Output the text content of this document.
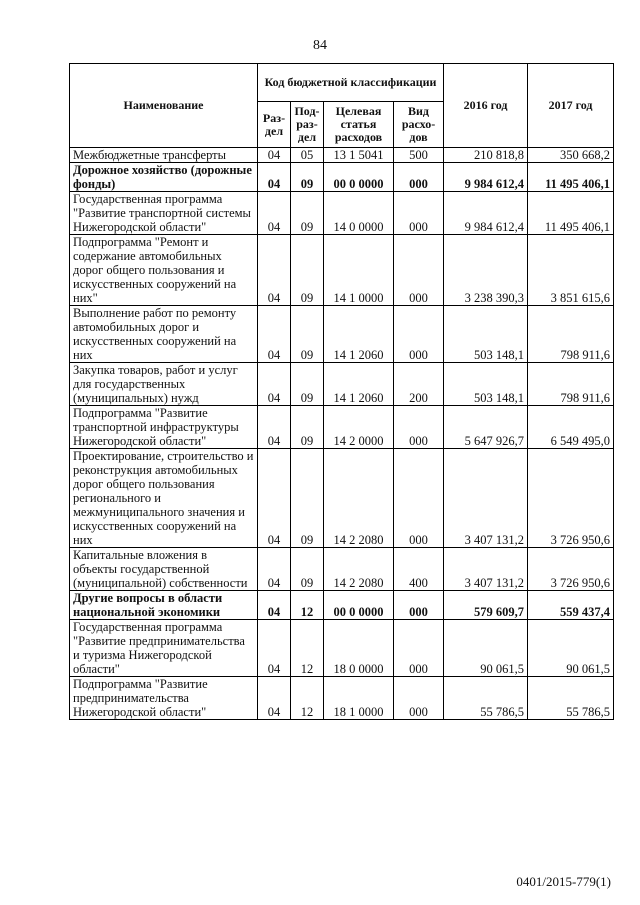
84
Наименование	Код бюджетной классификации				2016 год	2017 год
	Раз-дел	Под-раз-дел	Целевая статья расходов	Вид расхо-дов		
Межбюджетные трансферты	04	05	13 1 5041	500	210 818,8	350 668,2
Дорожное хозяйство (дорожные фонды)	04	09	00 0 0000	000	9 984 612,4	11 495 406,1
Государственная программа "Развитие транспортной системы Нижегородской области"	04	09	14 0 0000	000	9 984 612,4	11 495 406,1
Подпрограмма "Ремонт и содержание автомобильных дорог общего пользования и искусственных сооружений на них"	04	09	14 1 0000	000	3 238 390,3	3 851 615,6
Выполнение работ по ремонту автомобильных дорог и искусственных сооружений на них	04	09	14 1 2060	000	503 148,1	798 911,6
Закупка товаров, работ и услуг для государственных (муниципальных) нужд	04	09	14 1 2060	200	503 148,1	798 911,6
Подпрограмма "Развитие транспортной инфраструктуры Нижегородской области"	04	09	14 2 0000	000	5 647 926,7	6 549 495,0
Проектирование, строительство и реконструкция автомобильных дорог общего пользования регионального и межмуниципального значения и искусственных сооружений на них	04	09	14 2 2080	000	3 407 131,2	3 726 950,6
Капитальные вложения в объекты государственной (муниципальной) собственности	04	09	14 2 2080	400	3 407 131,2	3 726 950,6
Другие вопросы в области национальной экономики	04	12	00 0 0000	000	579 609,7	559 437,4
Государственная программа "Развитие предпринимательства и туризма Нижегородской области"	04	12	18 0 0000	000	90 061,5	90 061,5
Подпрограмма "Развитие предпринимательства Нижегородской области"	04	12	18 1 0000	000	55 786,5	55 786,5
0401/2015-779(1)
